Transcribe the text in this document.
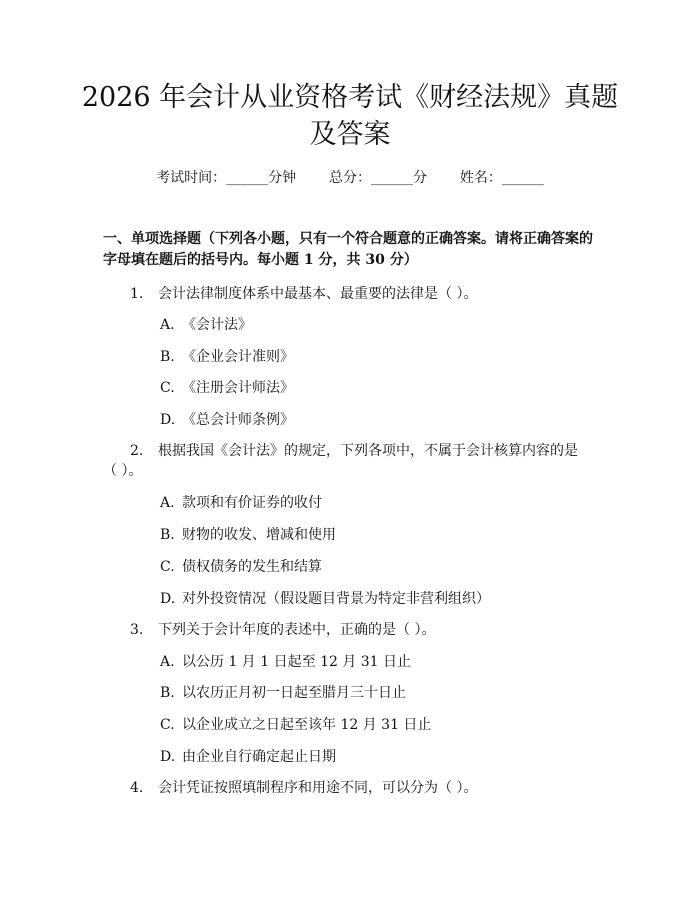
2026 年会计从业资格考试《财经法规》真题
及答案
考试时间：______分钟 总分：______分 姓名：______
一、单项选择题（下列各小题，只有一个符合题意的正确答案。请将正确答案的字母填在题后的括号内。每小题 1 分，共 30 分）
1. 会计法律制度体系中最基本、最重要的法律是（ ）。
A. 《会计法》
B. 《企业会计准则》
C. 《注册会计师法》
D. 《总会计师条例》
2. 根据我国《会计法》的规定，下列各项中，不属于会计核算内容的是
（ ）。
A. 款项和有价证券的收付
B. 财物的收发、增减和使用
C. 债权债务的发生和结算
D. 对外投资情况（假设题目背景为特定非营利组织）
3. 下列关于会计年度的表述中，正确的是（ ）。
A. 以公历 1 月 1 日起至 12 月 31 日止
B. 以农历正月初一日起至腊月三十日止
C. 以企业成立之日起至该年 12 月 31 日止
D. 由企业自行确定起止日期
4. 会计凭证按照填制程序和用途不同，可以分为（ ）。
